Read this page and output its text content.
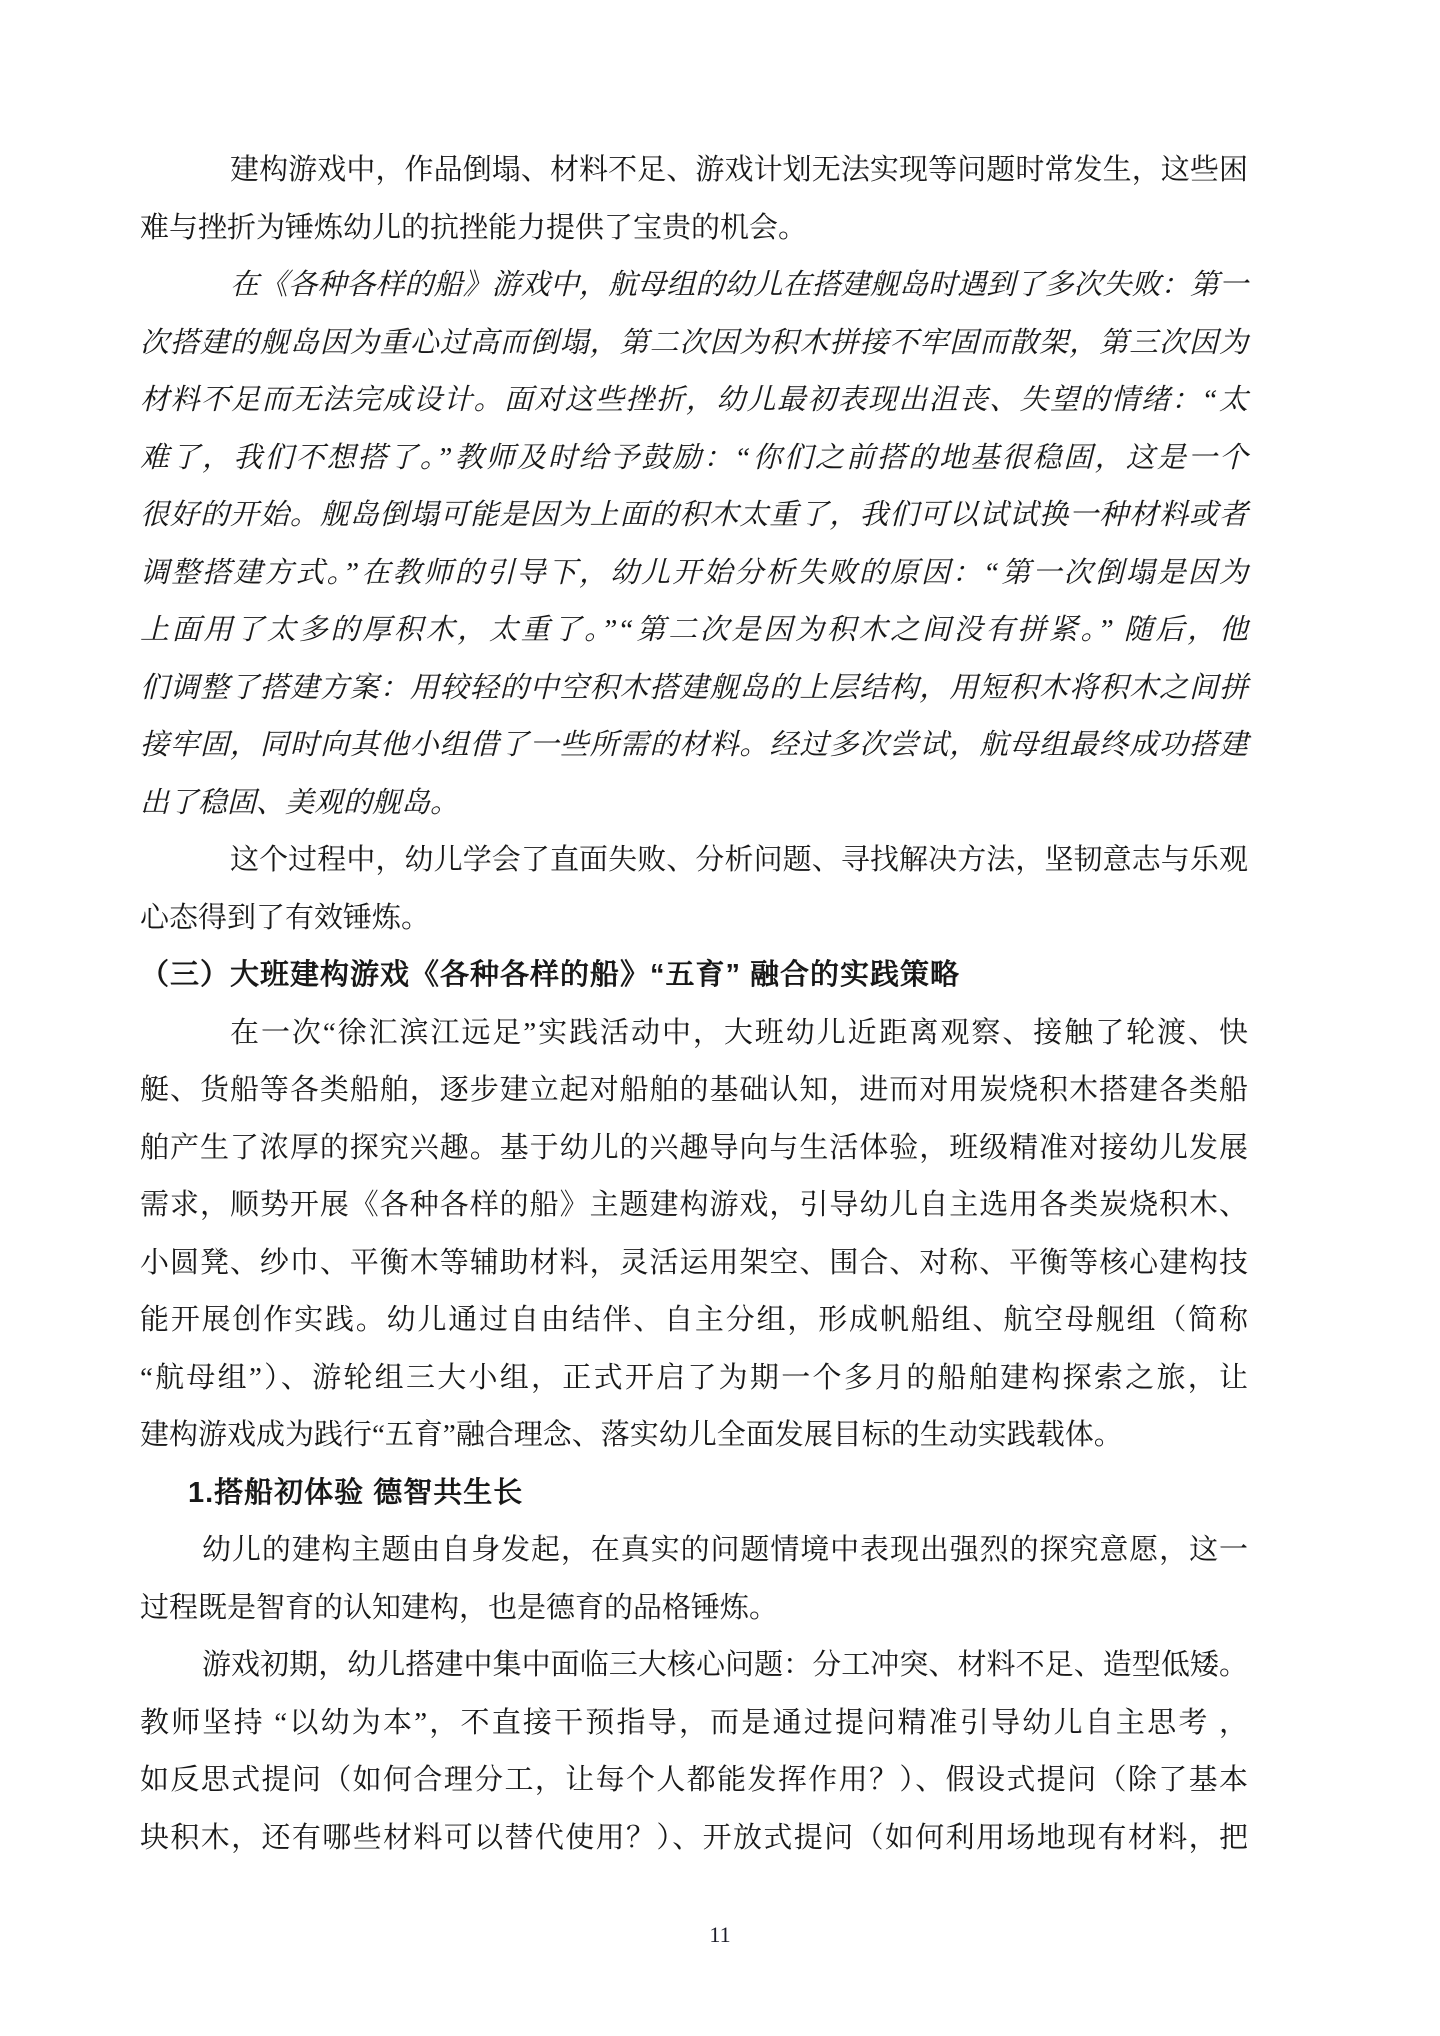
建构游戏中，作品倒塌、材料不足、游戏计划无法实现等问题时常发生，这些困
难与挫折为锤炼幼儿的抗挫能力提供了宝贵的机会。
在《各种各样的船》游戏中，航母组的幼儿在搭建舰岛时遇到了多次失败：第一
次搭建的舰岛因为重心过高而倒塌，第二次因为积木拼接不牢固而散架，第三次因为
材料不足而无法完成设计。面对这些挫折，幼儿最初表现出沮丧、失望的情绪：“太
难了，我们不想搭了。”教师及时给予鼓励：“你们之前搭的地基很稳固，这是一个
很好的开始。舰岛倒塌可能是因为上面的积木太重了，我们可以试试换一种材料或者
调整搭建方式。”在教师的引导下，幼儿开始分析失败的原因：“第一次倒塌是因为
上面用了太多的厚积木，太重了。”“第二次是因为积木之间没有拼紧。” 随后，他
们调整了搭建方案：用较轻的中空积木搭建舰岛的上层结构，用短积木将积木之间拼
接牢固，同时向其他小组借了一些所需的材料。经过多次尝试，航母组最终成功搭建
出了稳固、美观的舰岛。
这个过程中，幼儿学会了直面失败、分析问题、寻找解决方法，坚韧意志与乐观
心态得到了有效锤炼。
（三）大班建构游戏《各种各样的船》“五育” 融合的实践策略
在一次“徐汇滨江远足”实践活动中，大班幼儿近距离观察、接触了轮渡、快
艇、货船等各类船舶，逐步建立起对船舶的基础认知，进而对用炭烧积木搭建各类船
舶产生了浓厚的探究兴趣。基于幼儿的兴趣导向与生活体验，班级精准对接幼儿发展
需求，顺势开展《各种各样的船》主题建构游戏，引导幼儿自主选用各类炭烧积木、
小圆凳、纱巾、平衡木等辅助材料，灵活运用架空、围合、对称、平衡等核心建构技
能开展创作实践。幼儿通过自由结伴、自主分组，形成帆船组、航空母舰组（简称
“航母组”）、游轮组三大小组，正式开启了为期一个多月的船舶建构探索之旅，让
建构游戏成为践行“五育”融合理念、落实幼儿全面发展目标的生动实践载体。
1.搭船初体验 德智共生长
幼儿的建构主题由自身发起，在真实的问题情境中表现出强烈的探究意愿，这一
过程既是智育的认知建构，也是德育的品格锤炼。
游戏初期，幼儿搭建中集中面临三大核心问题：分工冲突、材料不足、造型低矮。
教师坚持 “以幼为本”，不直接干预指导，而是通过提问精准引导幼儿自主思考 ，
如反思式提问（如何合理分工，让每个人都能发挥作用？）、假设式提问（除了基本
块积木，还有哪些材料可以替代使用？）、开放式提问（如何利用场地现有材料，把
11
